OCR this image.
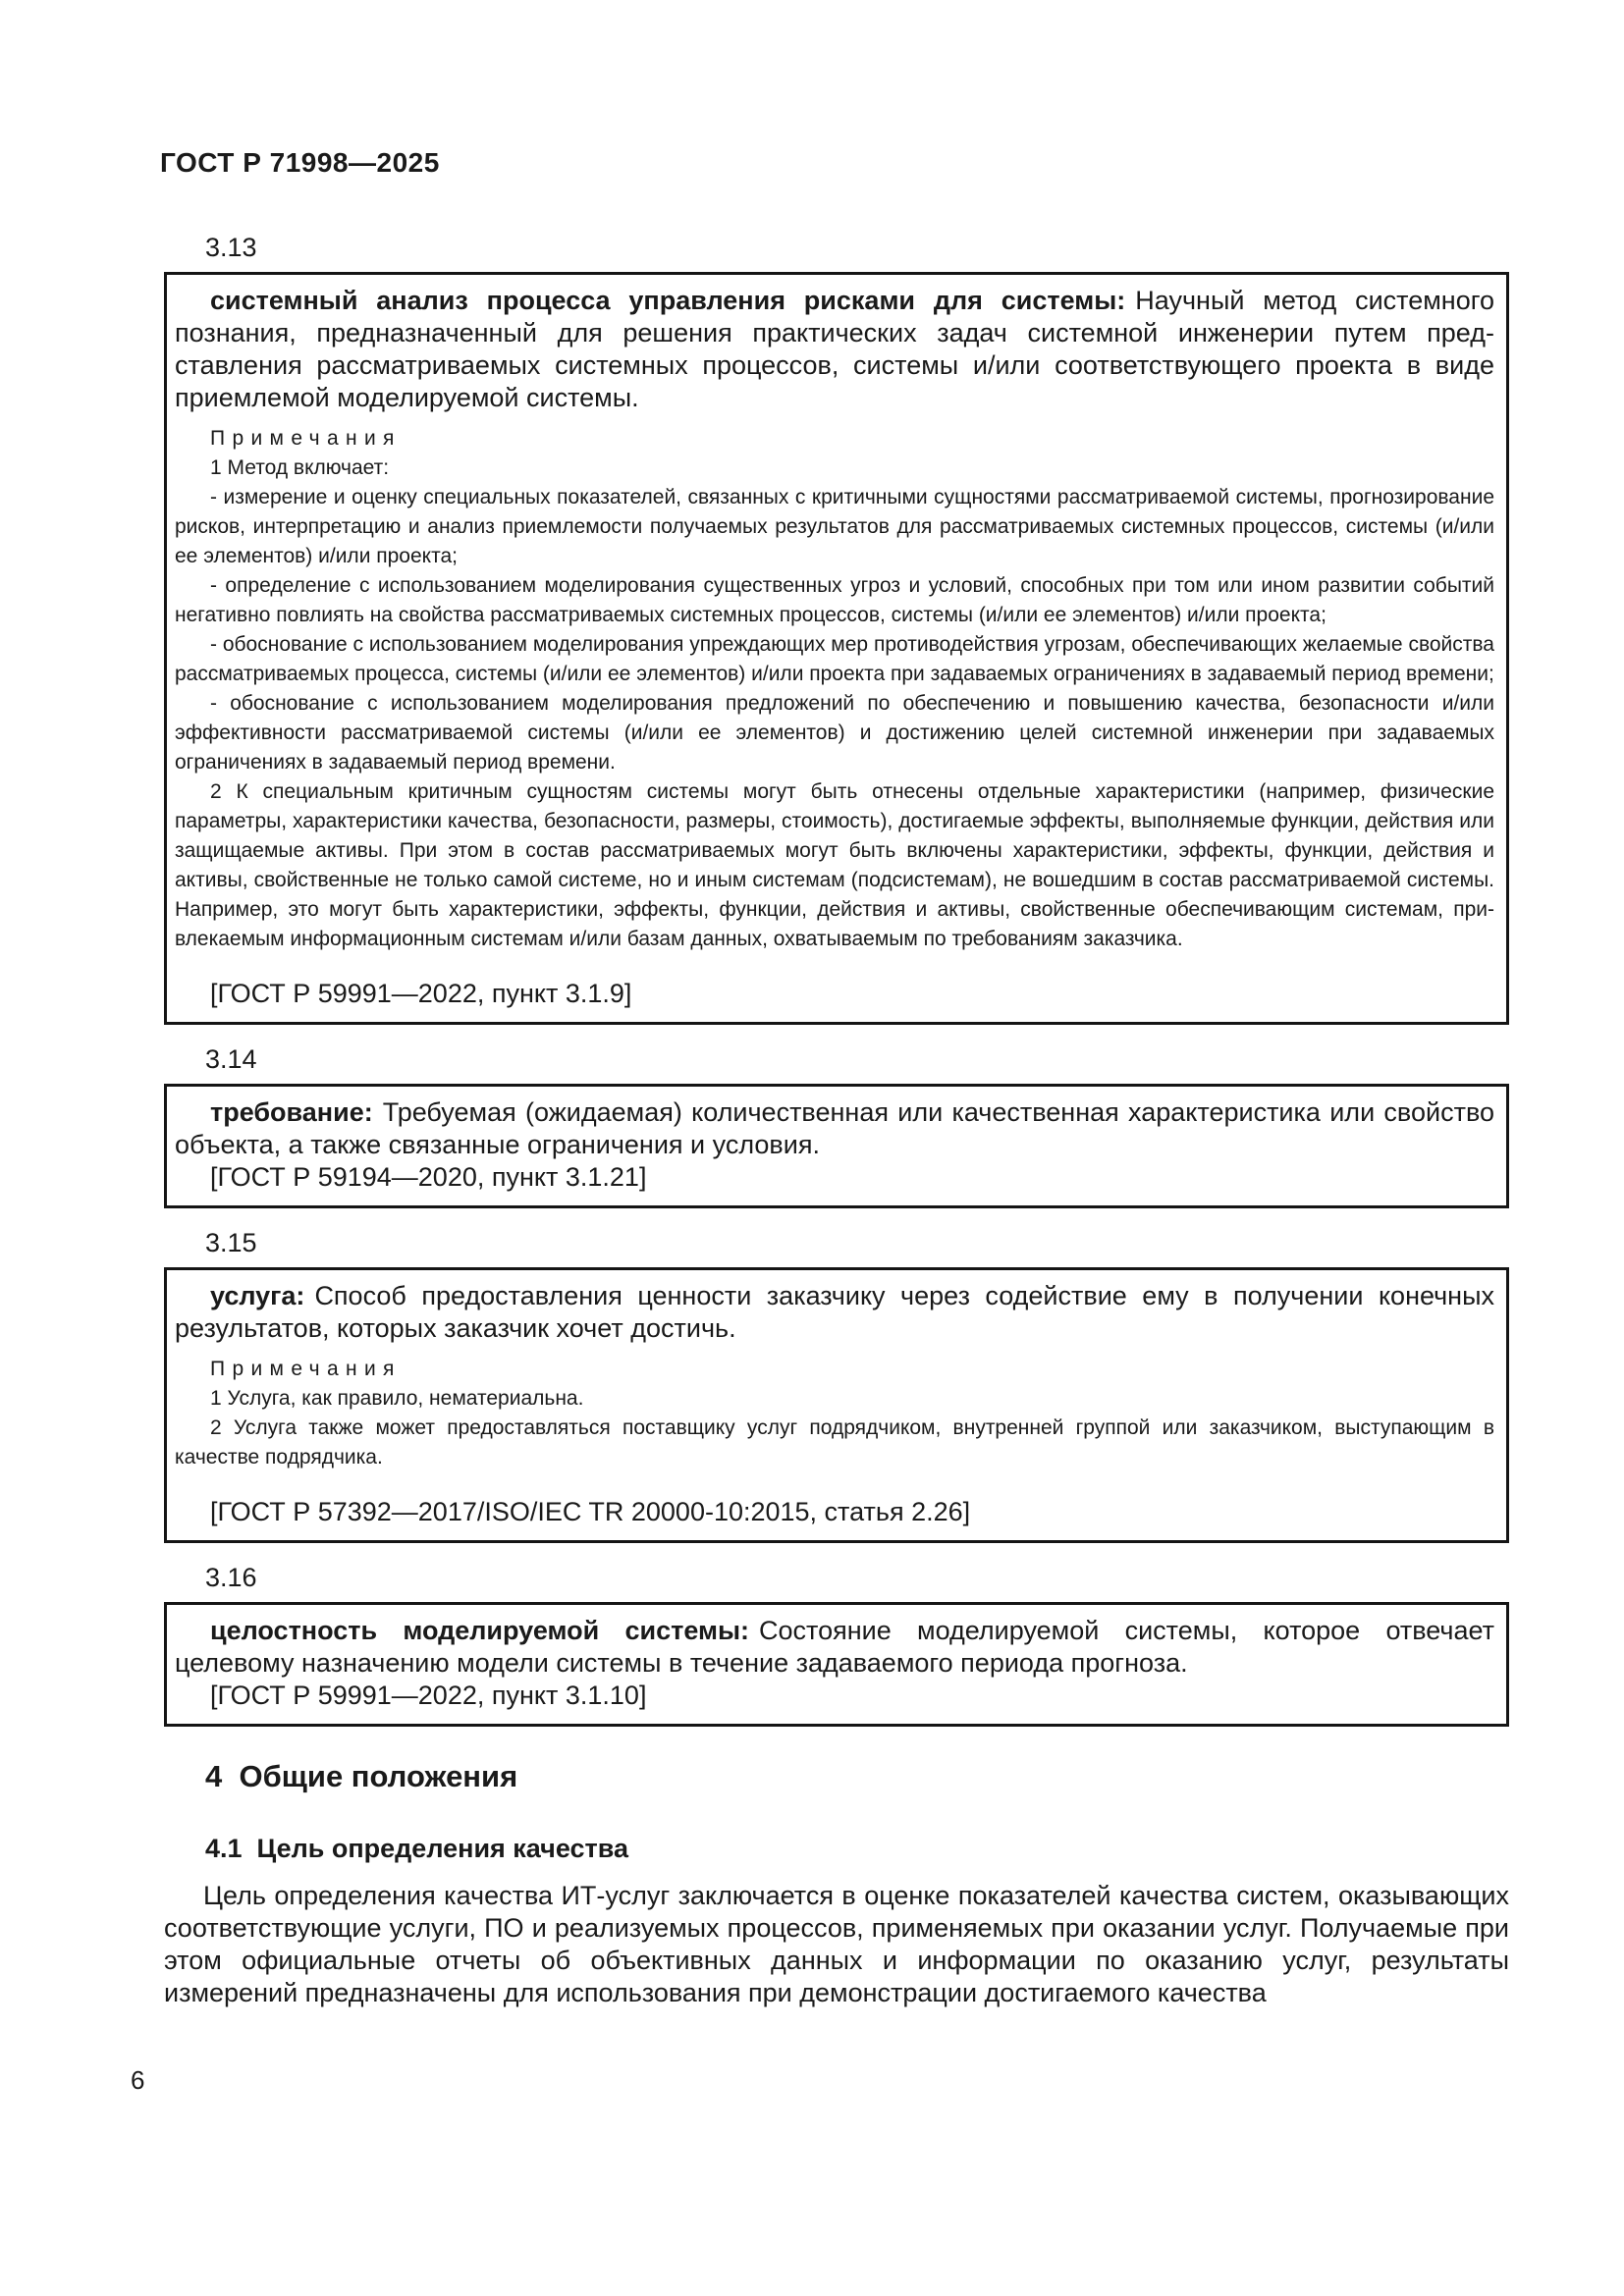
ГОСТ Р 71998—2025
3.13

системный анализ процесса управления рисками для системы: Научный метод системного познания, предназначенный для решения практических задач системной инженерии путем представления рассматриваемых системных процессов, системы и/или соответствующего проекта в виде приемлемой моделируемой системы.

Примечания

1 Метод включает:

- измерение и оценку специальных показателей, связанных с критичными сущностями рассматриваемой системы, прогнозирование рисков, интерпретацию и анализ приемлемости получаемых результатов для рассматриваемых системных процессов, системы (и/или ее элементов) и/или проекта;

- определение с использованием моделирования существенных угроз и условий, способных при том или ином развитии событий негативно повлиять на свойства рассматриваемых системных процессов, системы (и/или ее элементов) и/или проекта;

- обоснование с использованием моделирования упреждающих мер противодействия угрозам, обеспечивающих желаемые свойства рассматриваемых процесса, системы (и/или ее элементов) и/или проекта при задаваемых ограничениях в задаваемый период времени;

- обоснование с использованием моделирования предложений по обеспечению и повышению качества, безопасности и/или эффективности рассматриваемой системы (и/или ее элементов) и достижению целей системной инженерии при задаваемых ограничениях в задаваемый период времени.

2 К специальным критичным сущностям системы могут быть отнесены отдельные характеристики (например, физические параметры, характеристики качества, безопасности, размеры, стоимость), достигаемые эффекты, выполняемые функции, действия или защищаемые активы. При этом в состав рассматриваемых могут быть включены характеристики, эффекты, функции, действия и активы, свойственные не только самой системе, но и иным системам (подсистемам), не вошедшим в состав рассматриваемой системы. Например, это могут быть характеристики, эффекты, функции, действия и активы, свойственные обеспечивающим системам, привлекаемым информационным системам и/или базам данных, охватываемым по требованиям заказчика.

[ГОСТ Р 59991—2022, пункт 3.1.9]

3.14

требование: Требуемая (ожидаемая) количественная или качественная характеристика или свойство объекта, а также связанные ограничения и условия.

[ГОСТ Р 59194—2020, пункт 3.1.21]

3.15

услуга: Способ предоставления ценности заказчику через содействие ему в получении конечных результатов, которых заказчик хочет достичь.

Примечания

1 Услуга, как правило, нематериальна.

2 Услуга также может предоставляться поставщику услуг подрядчиком, внутренней группой или заказчиком, выступающим в качестве подрядчика.

[ГОСТ Р 57392—2017/ISO/IEC TR 20000-10:2015, статья 2.26]

3.16

целостность моделируемой системы: Состояние моделируемой системы, которое отвечает целевому назначению модели системы в течение задаваемого периода прогноза.

[ГОСТ Р 59991—2022, пункт 3.1.10]

4  Общие положения
4.1  Цель определения качества

Цель определения качества ИТ-услуг заключается в оценке показателей качества систем, оказывающих соответствующие услуги, ПО и реализуемых процессов, применяемых при оказании услуг. Получаемые при этом официальные отчеты об объективных данных и информации по оказанию услуг, результаты измерений предназначены для использования при демонстрации достигаемого качества

6
